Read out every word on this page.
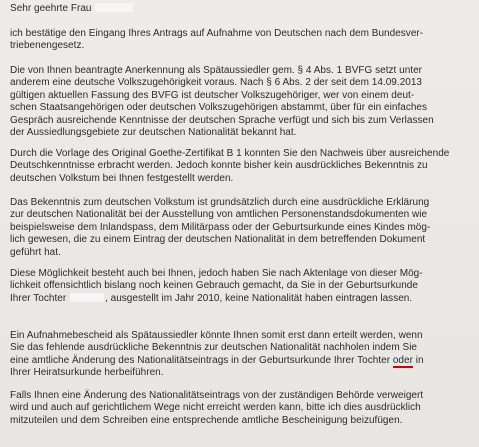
Sehr geehrte Frau
ich bestätige den Eingang Ihres Antrags auf Aufnahme von Deutschen nach dem Bundesver-
triebenengesetz.
Die von Ihnen beantragte Anerkennung als Spätaussiedler gem. § 4 Abs. 1 BVFG setzt unter
anderem eine deutsche Volkszugehörigkeit voraus. Nach § 6 Abs. 2 der seit dem 14.09.2013
gültigen aktuellen Fassung des BVFG ist deutscher Volkszugehöriger, wer von einem deut-
schen Staatsangehörigen oder deutschen Volkszugehörigen abstammt, über für ein einfaches
Gespräch ausreichende Kenntnisse der deutschen Sprache verfügt und sich bis zum Verlassen
der Aussiedlungsgebiete zur deutschen Nationalität bekannt hat.
Durch die Vorlage des Original Goethe-Zertifikat B 1 konnten Sie den Nachweis über ausreichende
Deutschkenntnisse erbracht werden. Jedoch konnte bisher kein ausdrückliches Bekenntnis zu
deutschen Volkstum bei Ihnen festgestellt werden.
Das Bekenntnis zum deutschen Volkstum ist grundsätzlich durch eine ausdrückliche Erklärung
zur deutschen Nationalität bei der Ausstellung von amtlichen Personenstandsdokumenten wie
beispielsweise dem Inlandspass, dem Militärpass oder der Geburtsurkunde eines Kindes mög-
lich gewesen, die zu einem Eintrag der deutschen Nationalität in dem betreffenden Dokument
geführt hat.
Diese Möglichkeit besteht auch bei Ihnen, jedoch haben Sie nach Aktenlage von dieser Mög-
lichkeit offensichtlich bislang noch keinen Gebrauch gemacht, da Sie in der Geburtsurkunde
Ihrer Tochter	, ausgestellt im Jahr 2010, keine Nationalität haben eintragen lassen.
Ein Aufnahmebescheid als Spätaussiedler könnte Ihnen somit erst dann erteilt werden, wenn
Sie das fehlende ausdrückliche Bekenntnis zur deutschen Nationalität nachholen indem Sie
eine amtliche Änderung des Nationalitätseintrags in der Geburtsurkunde Ihrer Tochter oder in
Ihrer Heiratsurkunde herbeiführen.
Falls Ihnen eine Änderung des Nationalitätseintrags von der zuständigen Behörde verweigert
wird und auch auf gerichtlichem Wege nicht erreicht werden kann, bitte ich dies ausdrücklich
mitzuteilen und dem Schreiben eine entsprechende amtliche Bescheinigung beizufügen.
